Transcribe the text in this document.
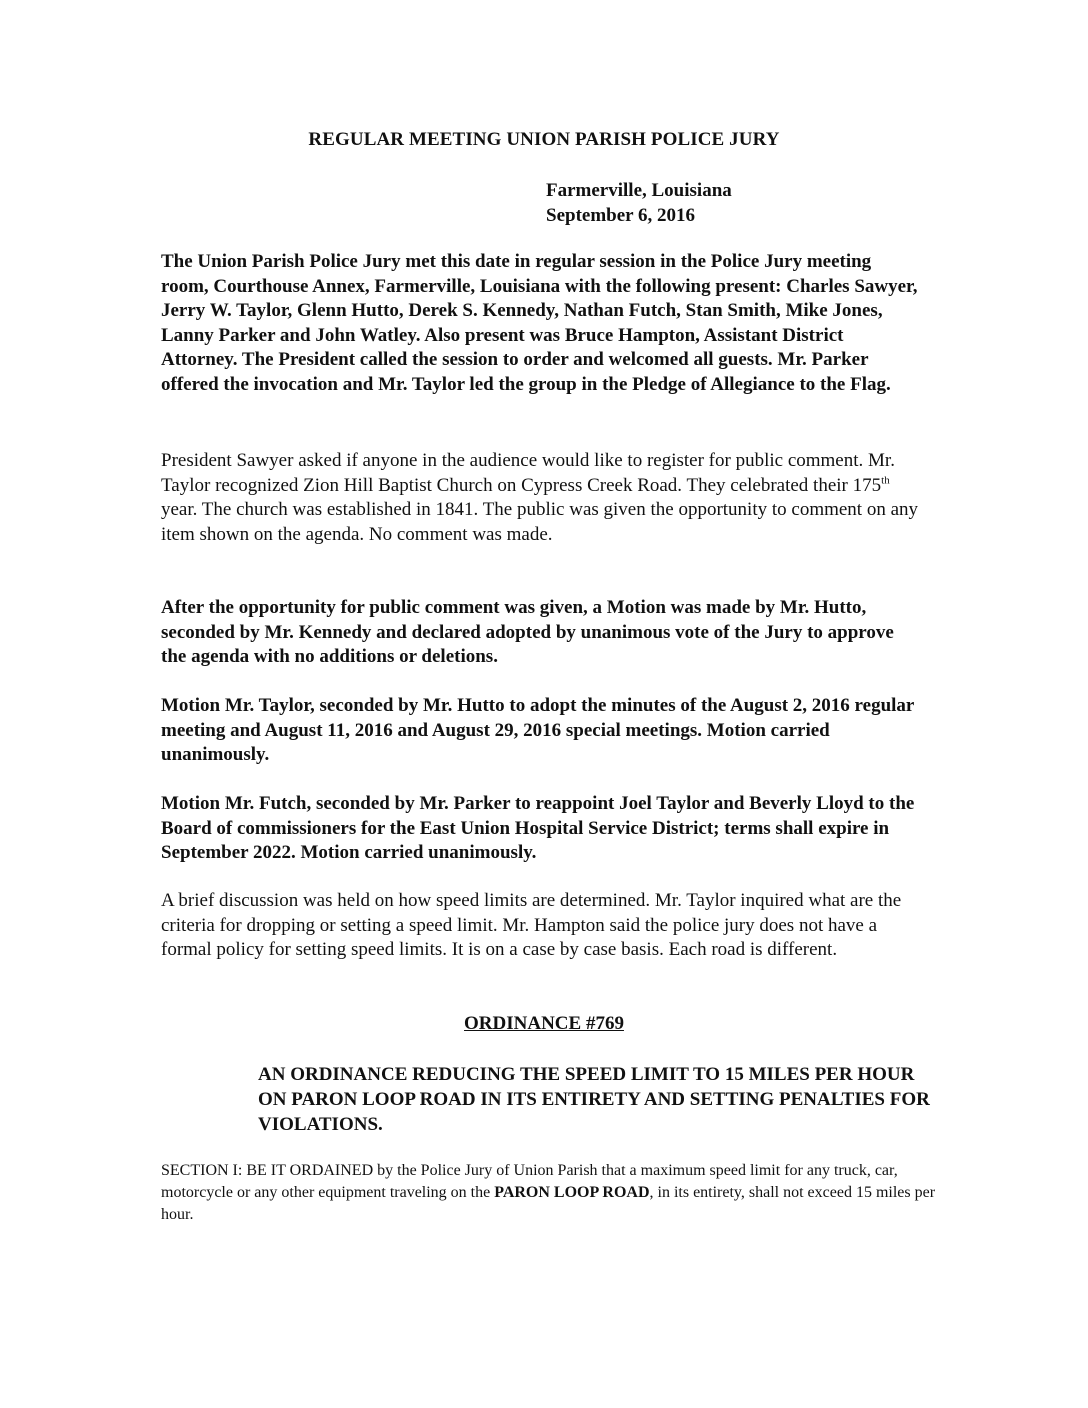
REGULAR MEETING UNION PARISH POLICE JURY
Farmerville, Louisiana
September 6, 2016

The Union Parish Police Jury met this date in regular session in the Police Jury meeting room, Courthouse Annex, Farmerville, Louisiana with the following present: Charles Sawyer, Jerry W. Taylor, Glenn Hutto, Derek S. Kennedy, Nathan Futch, Stan Smith, Mike Jones, Lanny Parker and John Watley. Also present was Bruce Hampton, Assistant District Attorney. The President called the session to order and welcomed all guests. Mr. Parker offered the invocation and Mr. Taylor led the group in the Pledge of Allegiance to the Flag.

President Sawyer asked if anyone in the audience would like to register for public comment. Mr. Taylor recognized Zion Hill Baptist Church on Cypress Creek Road. They celebrated their 175th year. The church was established in 1841. The public was given the opportunity to comment on any item shown on the agenda. No comment was made.

After the opportunity for public comment was given, a Motion was made by Mr. Hutto, seconded by Mr. Kennedy and declared adopted by unanimous vote of the Jury to approve the agenda with no additions or deletions.

Motion Mr. Taylor, seconded by Mr. Hutto to adopt the minutes of the August 2, 2016 regular meeting and August 11, 2016 and August 29, 2016 special meetings. Motion carried unanimously.

Motion Mr. Futch, seconded by Mr. Parker to reappoint Joel Taylor and Beverly Lloyd to the Board of commissioners for the East Union Hospital Service District; terms shall expire in September 2022. Motion carried unanimously.

A brief discussion was held on how speed limits are determined. Mr. Taylor inquired what are the criteria for dropping or setting a speed limit. Mr. Hampton said the police jury does not have a formal policy for setting speed limits. It is on a case by case basis. Each road is different.

ORDINANCE #769

AN ORDINANCE REDUCING THE SPEED LIMIT TO 15 MILES PER HOUR ON PARON LOOP ROAD IN ITS ENTIRETY AND SETTING PENALTIES FOR VIOLATIONS.

SECTION I: BE IT ORDAINED by the Police Jury of Union Parish that a maximum speed limit for any truck, car, motorcycle or any other equipment traveling on the PARON LOOP ROAD, in its entirety, shall not exceed 15 miles per hour.
